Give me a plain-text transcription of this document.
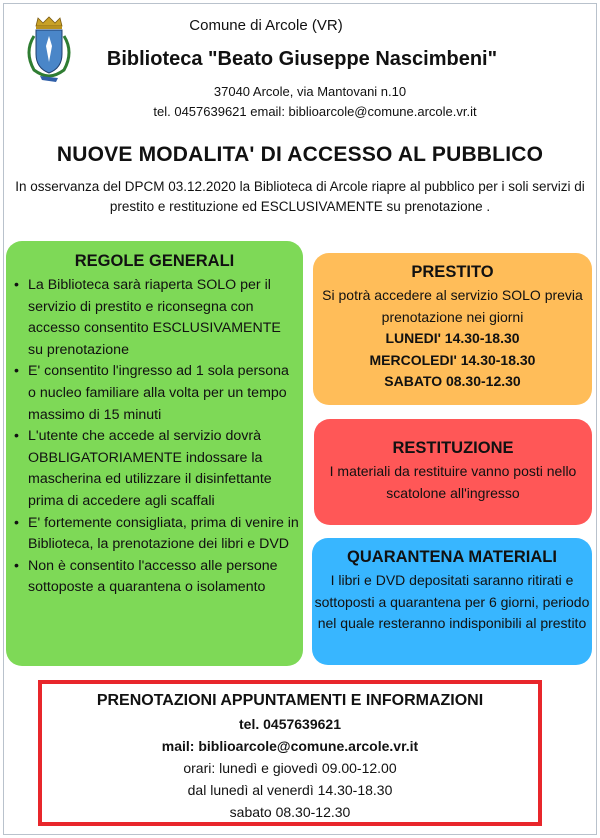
Comune di Arcole (VR)
Biblioteca "Beato Giuseppe Nascimbeni"
37040 Arcole, via Mantovani n.10
tel. 0457639621 email: biblioarcole@comune.arcole.vr.it
NUOVE MODALITA' DI ACCESSO AL PUBBLICO
In osservanza del DPCM 03.12.2020 la Biblioteca di Arcole riapre al pubblico per i soli servizi di prestito e restituzione ed ESCLUSIVAMENTE su prenotazione .
REGOLE GENERALI
• La Biblioteca sarà riaperta SOLO per il servizio di prestito e riconsegna con accesso consentito ESCLUSIVAMENTE su prenotazione
• E' consentito l'ingresso ad 1 sola persona o nucleo familiare alla volta per un tempo massimo di 15 minuti
• L'utente che accede al servizio dovrà OBBLIGATORIAMENTE indossare la mascherina ed utilizzare il disinfettante prima di accedere agli scaffali
• E' fortemente consigliata, prima di venire in Biblioteca, la prenotazione dei libri e DVD
• Non è consentito l'accesso alle persone sottoposte a quarantena o isolamento
PRESTITO

Si potrà accedere al servizio SOLO previa prenotazione nei giorni

LUNEDI' 14.30-18.30

MERCOLEDI' 14.30-18.30

SABATO 08.30-12.30

RESTITUZIONE

I materiali da restituire vanno posti nello scatolone all'ingresso

QUARANTENA MATERIALI

I libri e DVD depositati saranno ritirati e sottoposti a quarantena per 6 giorni, periodo nel quale resteranno indisponibili al prestito

PRENOTAZIONI APPUNTAMENTI E INFORMAZIONI

tel. 0457639621

mail: biblioarcole@comune.arcole.vr.it

orari: lunedì e giovedì 09.00-12.00

dal lunedì al venerdì 14.30-18.30

sabato 08.30-12.30
